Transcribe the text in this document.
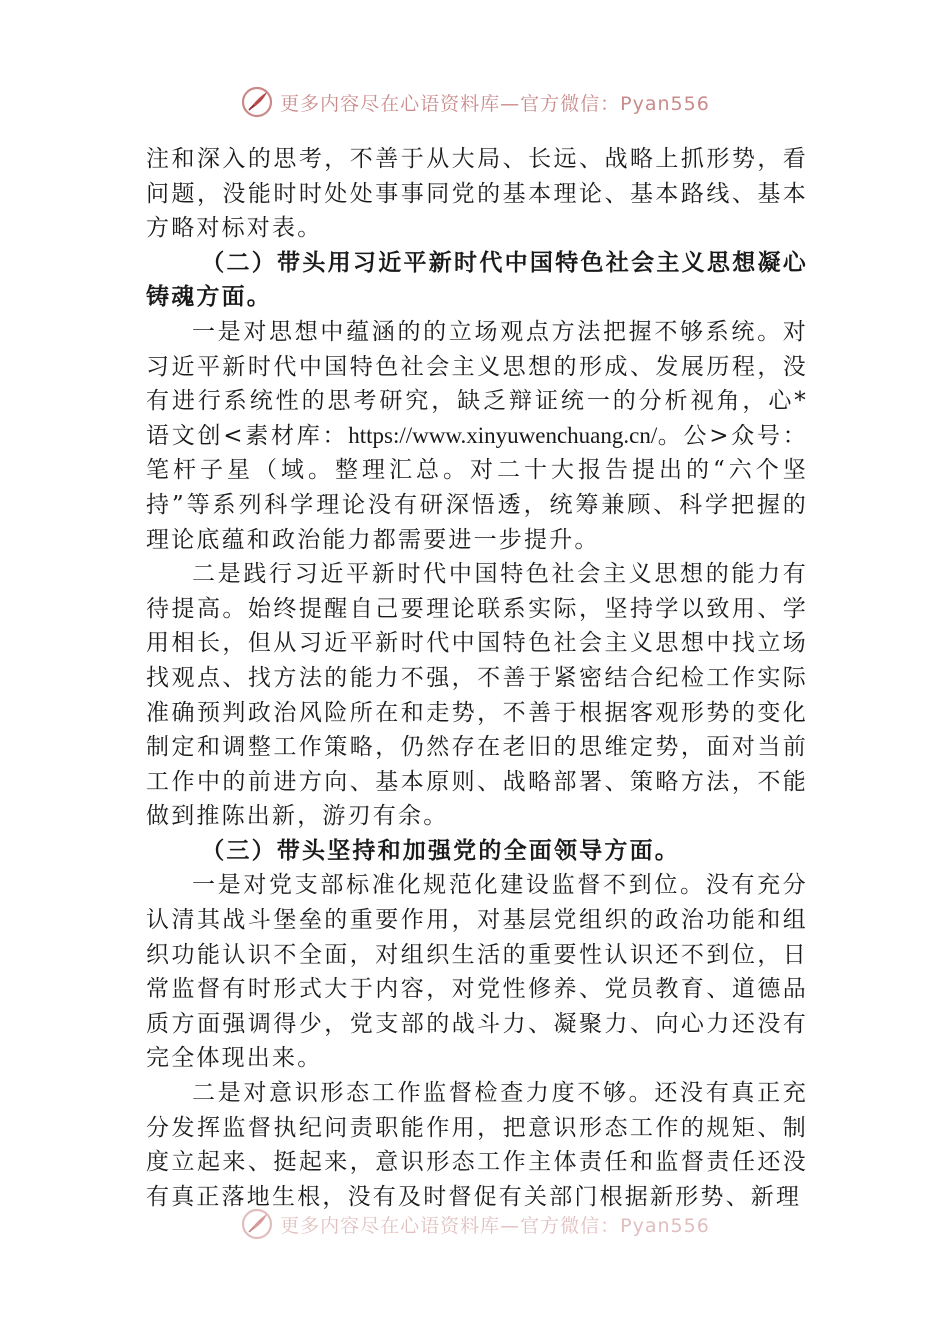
更多内容尽在心语资料库—官方微信：Pyan556

注和深入的思考，不善于从大局、长远、战略上抓形势，看问题，没能时时处处事事同党的基本理论、基本路线、基本方略对标对表。

（二）带头用习近平新时代中国特色社会主义思想凝心铸魂方面。

一是对思想中蕴涵的的立场观点方法把握不够系统。对习近平新时代中国特色社会主义思想的形成、发展历程，没有进行系统性的思考研究，缺乏辩证统一的分析视角，心*语文创<素材库：https://www.xinyuwenchuang.cn/。公>众号：笔杆子星（域。整理汇总。对二十大报告提出的“六个坚持”等系列科学理论没有研深悟透，统筹兼顾、科学把握的理论底蕴和政治能力都需要进一步提升。

二是践行习近平新时代中国特色社会主义思想的能力有待提高。始终提醒自己要理论联系实际，坚持学以致用、学用相长，但从习近平新时代中国特色社会主义思想中找立场找观点、找方法的能力不强，不善于紧密结合纪检工作实际准确预判政治风险所在和走势，不善于根据客观形势的变化制定和调整工作策略，仍然存在老旧的思维定势，面对当前工作中的前进方向、基本原则、战略部署、策略方法，不能做到推陈出新，游刃有余。

（三）带头坚持和加强党的全面领导方面。

一是对党支部标准化规范化建设监督不到位。没有充分认清其战斗堡垒的重要作用，对基层党组织的政治功能和组织功能认识不全面，对组织生活的重要性认识还不到位，日常监督有时形式大于内容，对党性修养、党员教育、道德品质方面强调得少，党支部的战斗力、凝聚力、向心力还没有完全体现出来。

二是对意识形态工作监督检查力度不够。还没有真正充分发挥监督执纪问责职能作用，把意识形态工作的规矩、制度立起来、挺起来，意识形态工作主体责任和监督责任还没有真正落地生根，没有及时督促有关部门根据新形势、新理

更多内容尽在心语资料库—官方微信：Pyan556
